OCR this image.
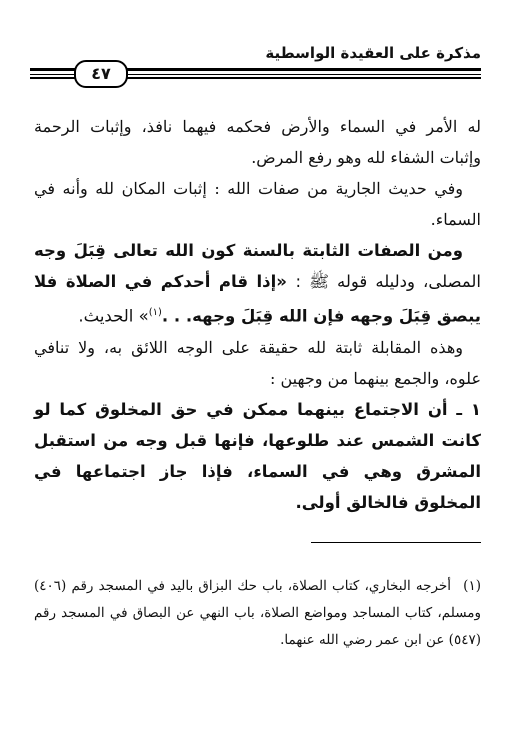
مذكرة على العقيدة الواسطية
٤٧

له الأمر في السماء والأرض فحكمه فيهما نافذ، وإثبات الرحمة وإثبات الشفاء لله وهو رفع المرض.

وفي حديث الجارية من صفات الله : إثبات المكان لله وأنه في السماء.

ومن الصفات الثابتة بالسنة كون الله تعالى قِبَلَ وجه المصلى، ودليله قوله ﷺ : «إذا قام أحدكم في الصلاة فلا يبصق قِبَلَ وجهه فإن الله قِبَلَ وجهه. . .$^{(١)}$» الحديث.

وهذه المقابلة ثابتة لله حقيقة على الوجه اللائق به، ولا تنافي علوه، والجمع بينهما من وجهين :

١ ـ أن الاجتماع بينهما ممكن في حق المخلوق كما لو كانت الشمس عند طلوعها، فإنها قبل وجه من استقبل المشرق وهي في السماء، فإذا جاز اجتماعها في المخلوق فالخالق أولى.

(١)أخرجه البخاري، كتاب الصلاة، باب حك البزاق باليد في المسجد رقم (٤٠٦) ومسلم، كتاب المساجد ومواضع الصلاة، باب النهي عن البصاق في المسجد رقم (٥٤٧) عن ابن عمر رضي الله عنهما.
